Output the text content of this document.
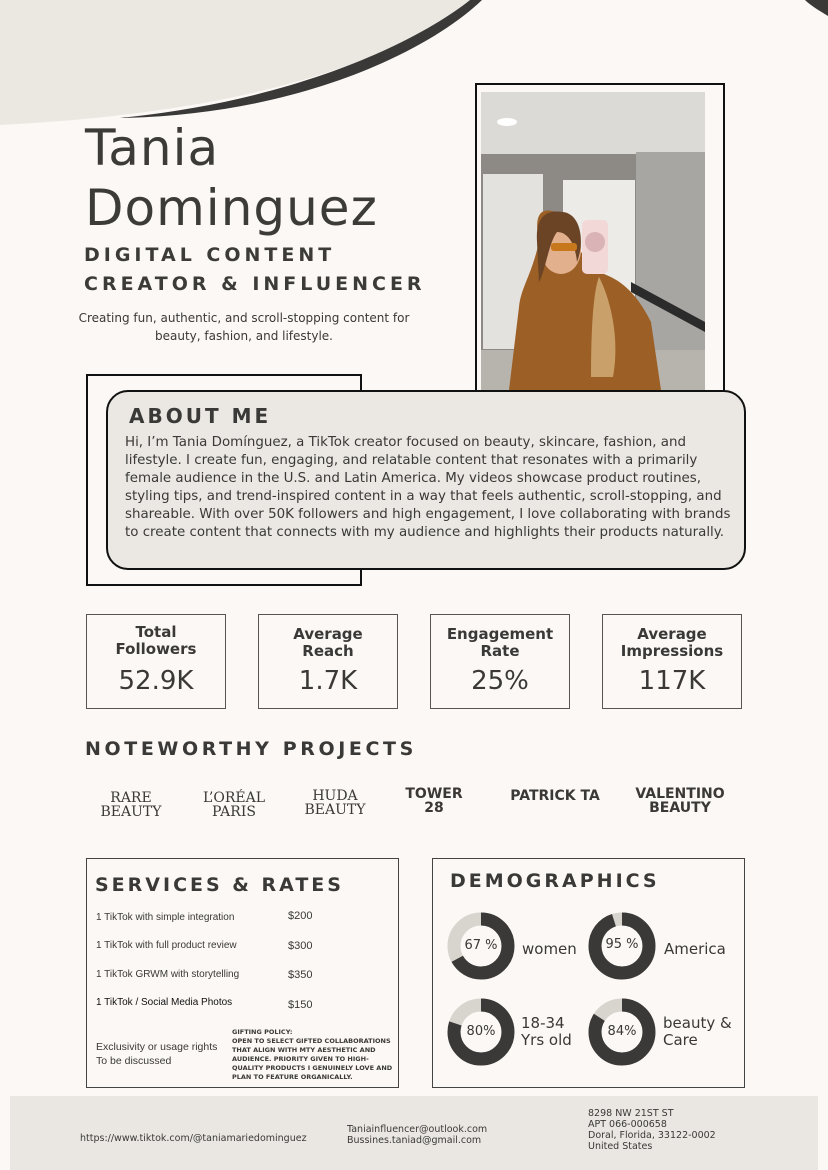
Tania
Dominguez
DIGITAL CONTENT
CREATOR & INFLUENCER
Creating fun, authentic, and scroll-stopping content for beauty, fashion, and lifestyle.
ABOUT ME
Hi, I’m Tania Domínguez, a TikTok creator focused on beauty, skincare, fashion, and lifestyle. I create fun, engaging, and relatable content that resonates with a primarily female audience in the U.S. and Latin America. My videos showcase product routines, styling tips, and trend-inspired content in a way that feels authentic, scroll-stopping, and shareable. With over 50K followers and high engagement, I love collaborating with brands to create content that connects with my audience and highlights their products naturally.
Total
Followers
52.9K
Average
Reach
1.7K
Engagement
Rate
25%
Average
Impressions
117K
NOTEWORTHY PROJECTS
RARE
BEAUTY
L’ORÉAL
PARIS
HUDA
BEAUTY
TOWER
28
PATRICK TA	VALENTINO
BEAUTY
SERVICES & RATES
1 TikTok with simple integration	$200
1 TikTok with full product review	$300
1 TikTok GRWM with storytelling	$350
1 TikTok / Social Media Photos	$150
Exclusivity or usage rights
To be discussed
GIFTING POLICY:
OPEN TO SELECT GIFTED COLLABORATIONS THAT ALIGN WITH MTY AESTHETIC AND AUDIENCE. PRIORITY GIVEN TO HIGH-QUALITY PRODUCTS I GENUINELY LOVE AND PLAN TO FEATURE ORGANICALLY.
DEMOGRAPHICS
67 %	women	95 %	America
80%	18-34
Yrs old	84%	beauty &
Care
https://www.tiktok.com/@taniamariedominguez
Taniainfluencer@outlook.com
Bussines.taniad@gmail.com
8298 NW 21ST ST
APT 066-000658
Doral, Florida, 33122-0002
United States
